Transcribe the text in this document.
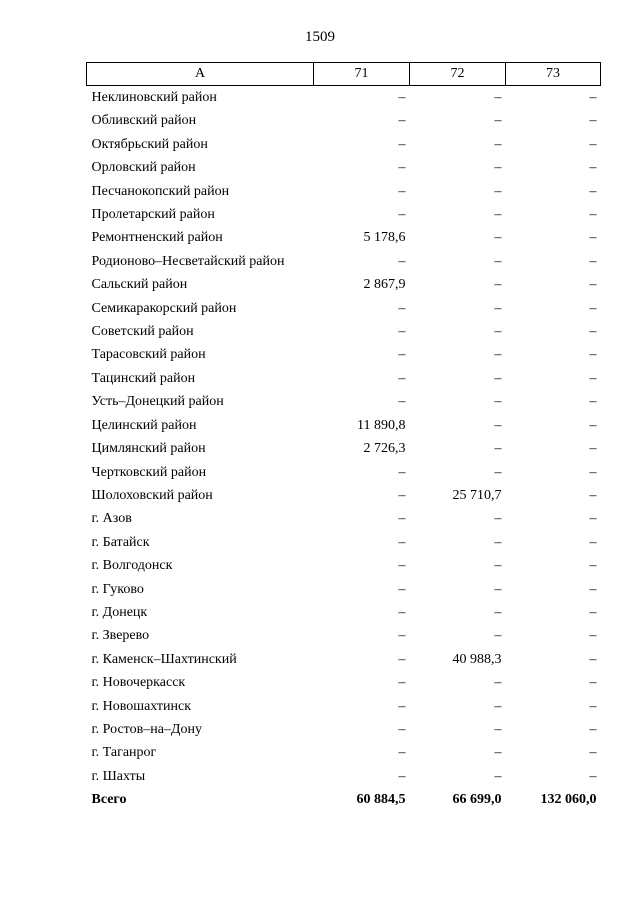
1509
А	71	72	73
Неклиновский район	–	–	–
Обливский район	–	–	–
Октябрьский район	–	–	–
Орловский район	–	–	–
Песчанокопский район	–	–	–
Пролетарский район	–	–	–
Ремонтненский район	5 178,6	–	–
Родионово–Несветайский район	–	–	–
Сальский район	2 867,9	–	–
Семикаракорский район	–	–	–
Советский район	–	–	–
Тарасовский район	–	–	–
Тацинский район	–	–	–
Усть–Донецкий район	–	–	–
Целинский район	11 890,8	–	–
Цимлянский район	2 726,3	–	–
Чертковский район	–	–	–
Шолоховский район	–	25 710,7	–
г. Азов	–	–	–
г. Батайск	–	–	–
г. Волгодонск	–	–	–
г. Гуково	–	–	–
г. Донецк	–	–	–
г. Зверево	–	–	–
г. Каменск–Шахтинский	–	40 988,3	–
г. Новочеркасск	–	–	–
г. Новошахтинск	–	–	–
г. Ростов–на–Дону	–	–	–
г. Таганрог	–	–	–
г. Шахты	–	–	–
Всего	60 884,5	66 699,0	132 060,0
